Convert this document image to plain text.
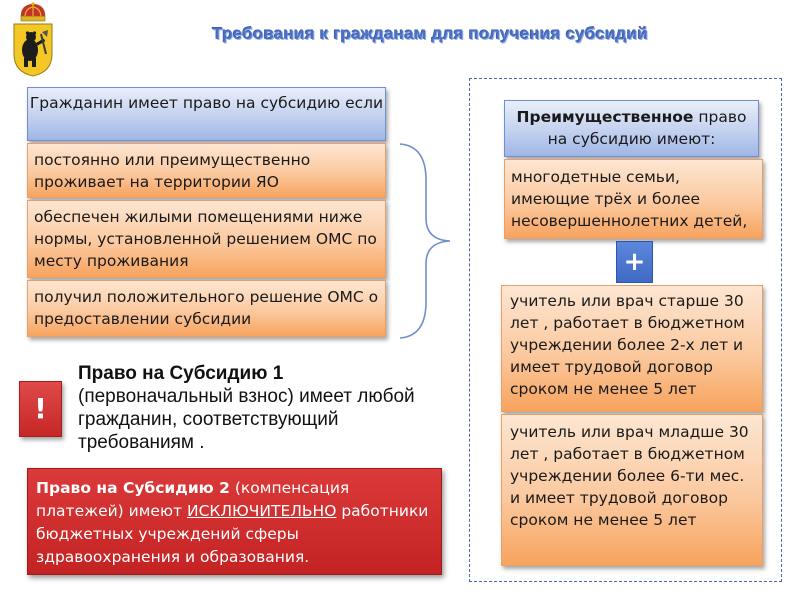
Требования к гражданам для получения субсидий
Гражданин имеет право на субсидию если
постоянно или преимущественно проживает на территории ЯО
обеспечен жилыми помещениями ниже нормы, установленной решением ОМС по месту проживания
получил положительного решение ОМС о предоставлении субсидии
Преимущественное право на субсидию имеют:
многодетные семьи, имеющие трёх и более несовершеннолетних детей,
+
учитель или врач старше 30 лет , работает в бюджетном учреждении более 2-х лет и имеет трудовой договор сроком не менее 5 лет
учитель или врач младше 30 лет , работает в бюджетном учреждении более 6-ти мес. и имеет трудовой договор сроком не менее 5 лет
!
Право на Субсидию 1
(первоначальный взнос) имеет любой гражданин, соответствующий требованиям .
Право на Субсидию 2 (компенсация платежей) имеют ИСКЛЮЧИТЕЛЬНО работники бюджетных учреждений сферы здравоохранения и образования.
